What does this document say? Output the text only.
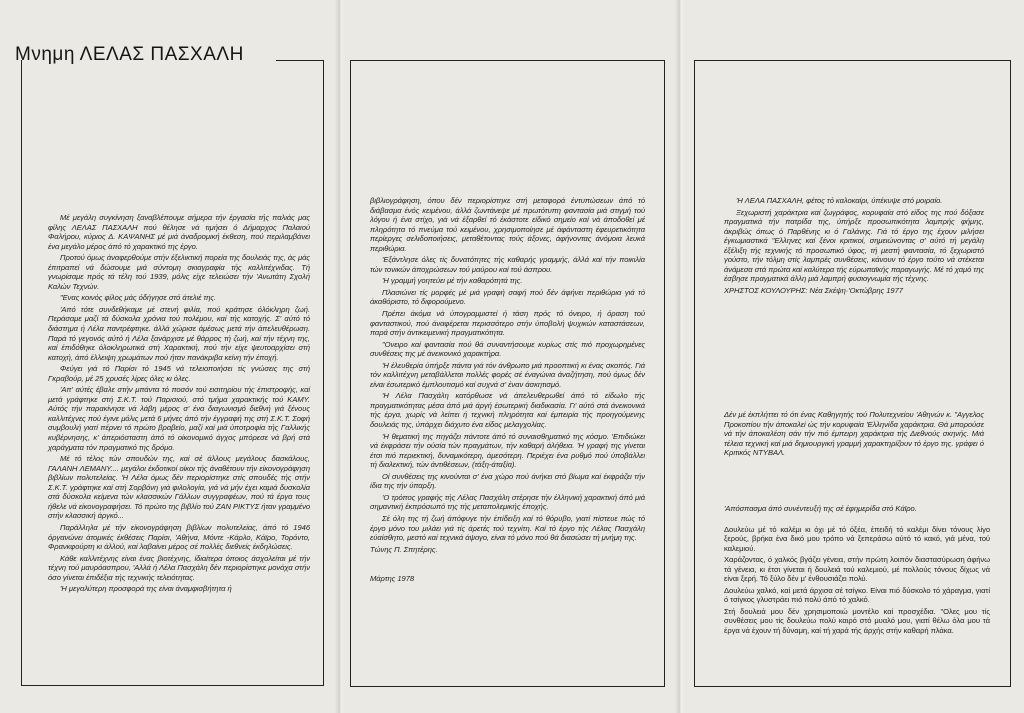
Μνημη ΛΕΛΑΣ ΠΑΣΧΑΛΗ

Μέ μεγάλη συγκίνηση ξαναβλέπουμε σήμερα τήν έργασία τής παλιάς μας φίλης ΛΕΛΑΣ ΠΑΣΧΑΛΗ πού θέλησε νά τιμήσει ό Δήμαρχος Παλαιού Φαλήρου, κύριος Δ. ΚΑΨΑΝΗΣ μέ μιά άναδρομική έκθεση, πού περιλαμβάνει ένα μεγάλο μέρος άπό τό χαρακτικό της έργο.

Προτού όμως άναφερθούμε στήν έξελικτική πορεία της δουλειάς της, άς μάς έπιτραπεί νά δώσουμε μιά σύντομη σκιαγραφία τής καλλιτέχνιδας. Τή γνωρίσαμε πρός τά τέλη τού 1939, μόλις είχε τελειώσει τήν 'Ανωτάτη Σχολή Καλών Τεχνών.

"Ενας κοινός φίλος μάς όδήγησε στό άτελιέ της.

'Από τότε συνδεθήκαμε μέ στενή φιλία, πού κράτησε όλόκληρη ζωή. Περάσαμε μαζί τά δύσκολα χρόνια τού πολέμου, καί τής κατοχής. Σ' αύτό τό διάστημα ή Λέλα παντρέφτηκε. άλλά χώρισε άμέσως μετά τήν άπελευθέρωση. Παρά τό γεγονός αύτό ή Λέλα ξανάρχισε μέ θάρρος τή ζωή, καί τήν τέχνη της, καί έπιδόθηκε όλοκληρωτικά στή Χαρακτική, πού τήν είχε ψευτοαρχίσει στή κατοχή, άπό έλλειψη χρωμάτων πού ήταν πανάκριβα κείνη τήν έποχή.

Φεύγει γιά τό Παρίσι τό 1945 νά τελειοποιήσει τίς γνώσεις της στή Γκραβούρ, μέ 25 χρυσές λίρες όλες κι όλες.

'Απ' αύτές έβαλε στήν μπάντα τό ποσόν τού εισιτηρίου τής έπιστροφής, καί μετά γράφτηκε στή Σ.Κ.Τ. τού Παρισιού, στό τμήμα χαρακτικής τού ΚΑΜΥ. Αύτός τήν παρακίνησε νά λάβη μέρος σ' ένα διαγωνισμό διεθνή γιά ξένους καλλιτέχνες πού έγινε μόλις μετά 6 μήνες άπό τήν έγγραφή της στή Σ.Κ.Τ. Σοφή συμβουλή γιατί πέρνει τό πρώτο βραβείο, μαζί καί μιά ύποτροφία τής Γαλλικής κυβέρνησης, κ' άπεριόσταστη άπό τό οίκονομικό άγχος μπόρεσε νά βρή στά χαράγματα τόν πραγματικό της δρόμο.

Μέ τό τέλος τών σπουδών της, καί σέ άλλους μεγάλους δασκάλους, ΓΑΛΑΝΗ ΛΕΜΑΝΥ.... μεγάλοι έκδοτικοί οίκοι τής άναθέτουν τήν είκονογράφηση βιβλίων πολυτελείας. 'Η Λέλα όμως δέν περιορίστηκε στίς σπουδές τής στήν Σ.Κ.Τ. γράφτηκε καί στή Σορβόνη γιά φιλολογία, γιά νά μήν έχει καμιά δυσκολία στά δύσκολα κείμενα τών κλασσικών Γάλλων συγγραφέων, πού τά έργα τους ήθελε νά είκονογραφήσει. Τό πρώτο της βιβλίο τού ΖΑΝ ΡΙΚΤΥΣ ήταν γραμμένο στήν κλασσική άργκό...

Παράλληλα μέ τήν είκονογράφηση βιβλίων πολυτελείας, άπό τό 1946 όργανώνει άτομικές έκθέσεις Παρίσι, 'Αθήνα, Μόντε -Κάρλο, Κάϊρο, Τορόντο, Φρανκφούρτη κι άλλού, καί λαβαίνει μέρος σέ πολλές διεθνείς έκδηλώσεις.

Κάθε καλλιτέχνης είναι ένας βιοτέχνης, ίδιαίτερα όποιος άσχολείται μέ τήν τέχνη τού μαυρόασπρου, 'Αλλά ή Λέλα Πασχάλη δέν περιορίστηκε μονάχα στήν όσο γίνεται έπιδέξια τής τεχνικής τελειότητας.

'Η μεγαλύτερη προσφορά της είναι άναμφισβήτητα ή

βιβλιογράφηση, όπου δέν περιορίστηκε στή μεταφορά έντυπώσεων άπό τό διάβασμα ένός κειμένου, άλλά ζωντάνεψε μέ πρωτότυπη φαντασία μιά στιγμή τού λόγου ή ένα στίχο, γιά νά έξαρθεί τό έκάστοτε είδικό σημείο καί νά άποδοθεί μέ πληρότητα τό πνεύμα τού κειμένου, χρησιμοποίησε μέ άφάνταστη έφευρετικότητα περίεργες σελιδοποιήσεις, μεταθέτοντας τούς άξονες, άφήνοντας άνόμοια λευκά περιθώρια.

'Εξάντλησε όλες τίς δυνατότητες τής καθαρής γραμμής, άλλά καί τήν ποικιλία τών τονικών άποχρώσεων τού μαύρου καί τού άσπρου.

'Η γραμμή γοητεύει μέ τήν καθαρότητά της.

Πλασιώνει τίς μορφές μέ μιά γραφή σαφή πού δέν άφήνει περιθώρια γιά τό άκαθόριστο, τό διφορούμενο.

Πρέπει άκόμα νά ύπογραμμιστεί ή τάση πρός τό όνειρο, ή όραση τού φανταστικού, πού άναφέρεται περισσότερο στήν ύποβολή ψυχικών καταστάσεων, παρά στήν άντικειμενική πραγματικότητα.

"Ονειρο καί φαντασία πού θά συναντήσουμε κυρίως στίς πιό προχωρημένες συνθέσεις της μέ άνεικονικό χαρακτήρα.

'Η έλευθερία ύπήρξε πάντα γιά τόν άνθρωπο μιά προοπτική κι ένας σκοπός. Γιά τόν καλλιτέχνη μεταβάλλεται πολλές φορές σέ έναγώνια άναζήτηση, πού όμως δέν είναι έσωτερικό έμπλουτισμό καί συχνά σ' έναν άσκητισμό.

'Η Λέλα Πασχάλη κατόρθωσε νά άπελευθερωθεί άπό τό είδωλο τής πραγματικότητας μέσα άπό μιά άργή έσωτερική διαδικασία. Γι' αύτό στά άνεικονικά τής έργα, χωρίς νά λείπει ή τεχνική πληρότητα καί έμπειρία τής προηγούμενης δουλειάς της, ύπάρχει διάχυτο ένα είδος μελαγχολίας.

'Η θεματική της πηγάζει πάντοτε άπό τό συναισθηματικό της κόσμο. 'Επιδιώκει νά έκφράσει τήν ούσία τών πραγμάτων, τήν καθαρή άλήθεια. 'Η γραφή της γίνεται έτσι πιό περιεκτική, δυναμικότερη, άμεσότερη. Περιέχει ένα ρυθμό πού ύποβάλλει τή διαλεκτική, τών άντιθέσεων, (τάξη-άταξία).

Οί συνθέσεις της κινούνται σ' ένα χώρο πού άνήκει στό βίωμα καί έκφράζει τήν ίδια της τήν ύπαρξη.

'Ο τρόπος γραφής τής Λέλας Πασχάλη στέρησε τήν έλληνική χαρακτική άπό μιά σημαντική έκπρόσωπό της τής μεταπολεμικής έποχής.

Σέ όλη της τή ζωή άπόφυγε τήν έπίδειξη καί τό θόρυβο, γιατί πίστευε πώς τό έργο μόνο του μιλάει γιά τίς άρετές τού τεχνίτη. Καί τό έργο τής Λέλας Πασχάλη εύαίσθητο, μεστό καί τεχνικά άψογο, είναι τό μόνο πού θά διασώσει τή μνήμη της.

Τώνης Π. Σπητέρης.

Μάρτης 1978

'Η ΛΕΛΑ ΠΑΣΧΑΛΗ, φέτος τό καλοκαίρι, ύπέκυψε στό μοιραίο.

Ξεχωριστή χαράκτρια καί ζωγράφος, κορυφαία στό είδος της πού δόξασε πραγματικά τήν πατρίδα της, ύπήρξε προσωπικότητα λαμπρής φήμης, άκριβώς όπως ό Παρθένης κι ό Γαλάνης. Γιά τό έργο της έχουν μιλήσει έγκωμιαστικά "Ελληνες καί ξένοι κριτικοί, σημειώνοντας σ' αύτό τή μεγάλη έξέλιξη τής τεχνικής τό προσωπικό ύφος, τή μεστή φαντασία, τό ξεχωριστό γούστο, τήν τόλμη στίς λαμπρές συνθέσεις, κάνουν τό έργο τούτο νά στέκεται άνάμεσα στά πρώτα καί καλύτερα τής εύρωπαϊκής παραγωγής. Μέ τό χαμό της έσβησε πραγματικά άλλη μιά λαμπρή φυσιογνωμία τής τέχνης.

ΧΡΗΣΤΟΣ ΚΟΥΛΟΥΡΗΣ: Νέα Σκέψη·'Οκτώβρης 1977

Δέν μέ έκπλήττει τό ότι ένας Καθηγητής τού Πολυτεχνείου 'Αθηνών κ. "Αγγελος Προκοπίου τήν άποκαλεί ώς τήν κορυφαία 'Ελληνίδα χαράκτρια. Θά μπορούσε νά τήν άποκαλέση σάν τήν πιό έμπειρη χαράκτρια τής Διεθνούς σκηνής. Μιά τέλεια τεχνική καί μιά δημιουργική γραμμή χαρακτηρίζουν τό έργο της. γράφει ό Κριτικός ΝΤΥΒΑΛ.

'Απόσπασμα άπό συνέντευξή της σέ έφημερίδα στό Κάϊρο.

Δουλεύω μέ τό καλέμι κι όχι μέ τό όξέα, έπειδή τό καλέμι δίνει τόνους λίγο ξερούς, βρήκα ένα δικό μου τρόπο νά ξεπεράσω αύτό τό κακό, γιά μένα, τού καλεμιού.

Χαράζοντας, ό χαλκός βγάζει γένεια, στήν πρώτη λοιπόν διαστασύρωση άφήνω τά γένεια, κι έτσι γίνεται ή δουλειά τού καλεμιού, μέ πολλούς τόνους δίχως νά είναι ξερή. Τό ξύλο δέν μ' ένθουσιάζει πολύ.

Δουλεύω χαλκό, καί μετά άρχισα σέ τσίγκο. Είναι πιό δύσκολο τό χάραγμα, γιατί ό τσίγκος γλυστράει πιό πολύ άπό τό χαλκό.

Στή δουλειά μου δέν χρησιμοποιώ μοντέλο καί προσχέδια. "Ολες μου τίς συνθέσεις μου τίς δουλεύω πολύ καιρό στό μυαλό μου, γιατί θέλω όλα μου τά έργα νά έχουν τή δύναμη, καί τή χαρά τής άρχής στήν καθαρή πλάκα.
